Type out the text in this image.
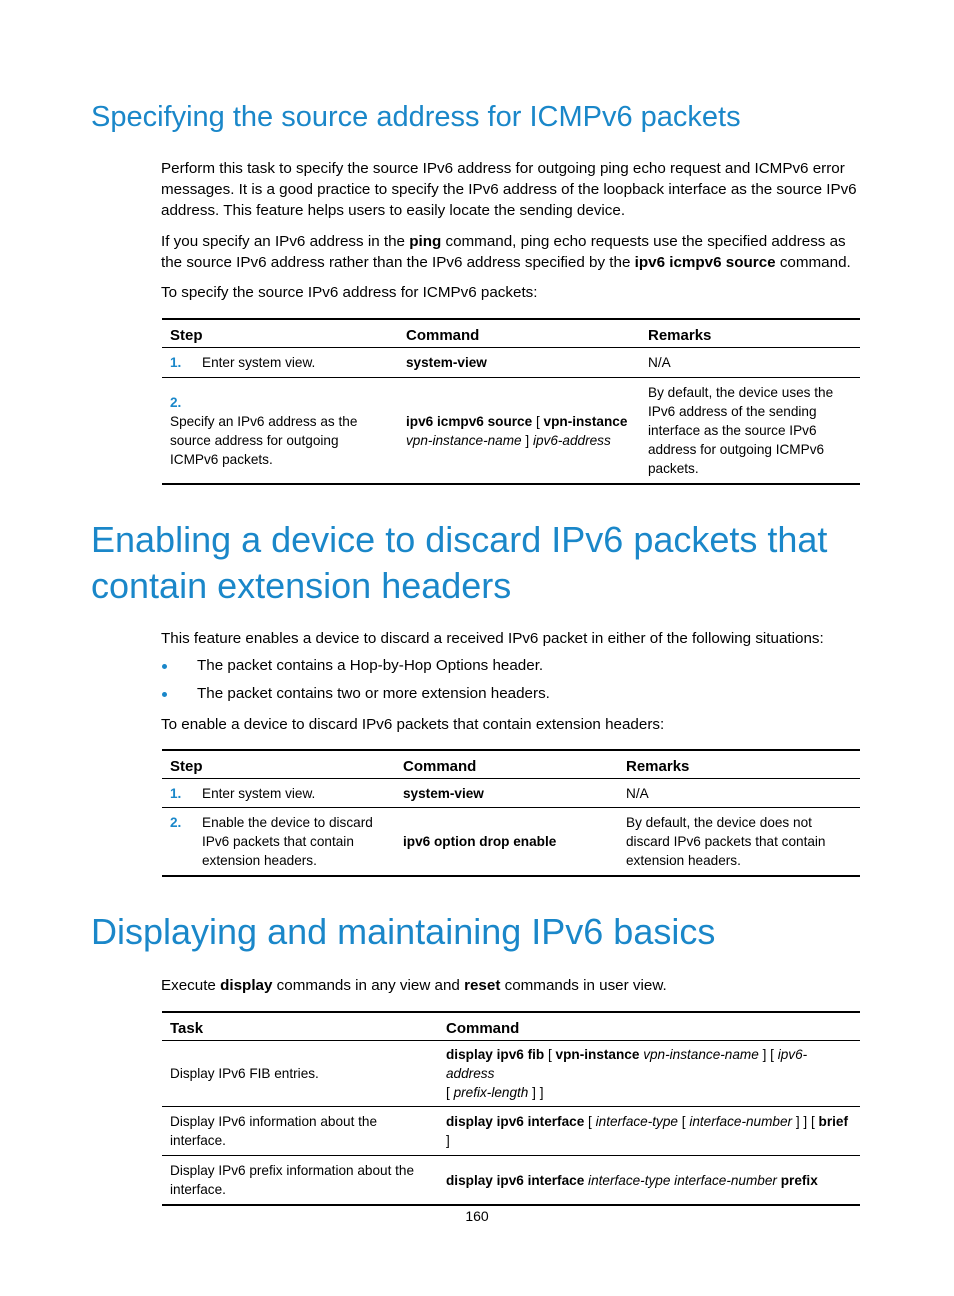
Specifying the source address for ICMPv6 packets

Perform this task to specify the source IPv6 address for outgoing ping echo request and ICMPv6 error messages. It is a good practice to specify the IPv6 address of the loopback interface as the source IPv6 address. This feature helps users to easily locate the sending device.

If you specify an IPv6 address in the ping command, ping echo requests use the specified address as the source IPv6 address rather than the IPv6 address specified by the ipv6 icmpv6 source command.

To specify the source IPv6 address for ICMPv6 packets:

Step	Command	Remarks
1. Enter system view.	system-view	N/A
2.Specify an IPv6 address as the source address for outgoing ICMPv6 packets.	ipv6 icmpv6 source [ vpn-instance
vpn-instance-name ] ipv6-address	By default, the device uses the IPv6 address of the sending interface as the source IPv6 address for outgoing ICMPv6 packets.
Enabling a device to discard IPv6 packets that contain extension headers

This feature enables a device to discard a received IPv6 packet in either of the following situations:

The packet contains a Hop-by-Hop Options header.

The packet contains two or more extension headers.

To enable a device to discard IPv6 packets that contain extension headers:

Step	Command	Remarks
1. Enter system view.	system-view	N/A
2. Enable the device to discard IPv6 packets that contain extension headers.	ipv6 option drop enable	By default, the device does not discard IPv6 packets that contain extension headers.
Displaying and maintaining IPv6 basics

Execute display commands in any view and reset commands in user view.

Task	Command
Display IPv6 FIB entries.	display ipv6 fib [ vpn-instance vpn-instance-name ] [ ipv6-address
[ prefix-length ] ]
Display IPv6 information about the interface.	display ipv6 interface [ interface-type [ interface-number ] ] [ brief ]
Display IPv6 prefix information about the interface.	display ipv6 interface interface-type interface-number prefix
160
